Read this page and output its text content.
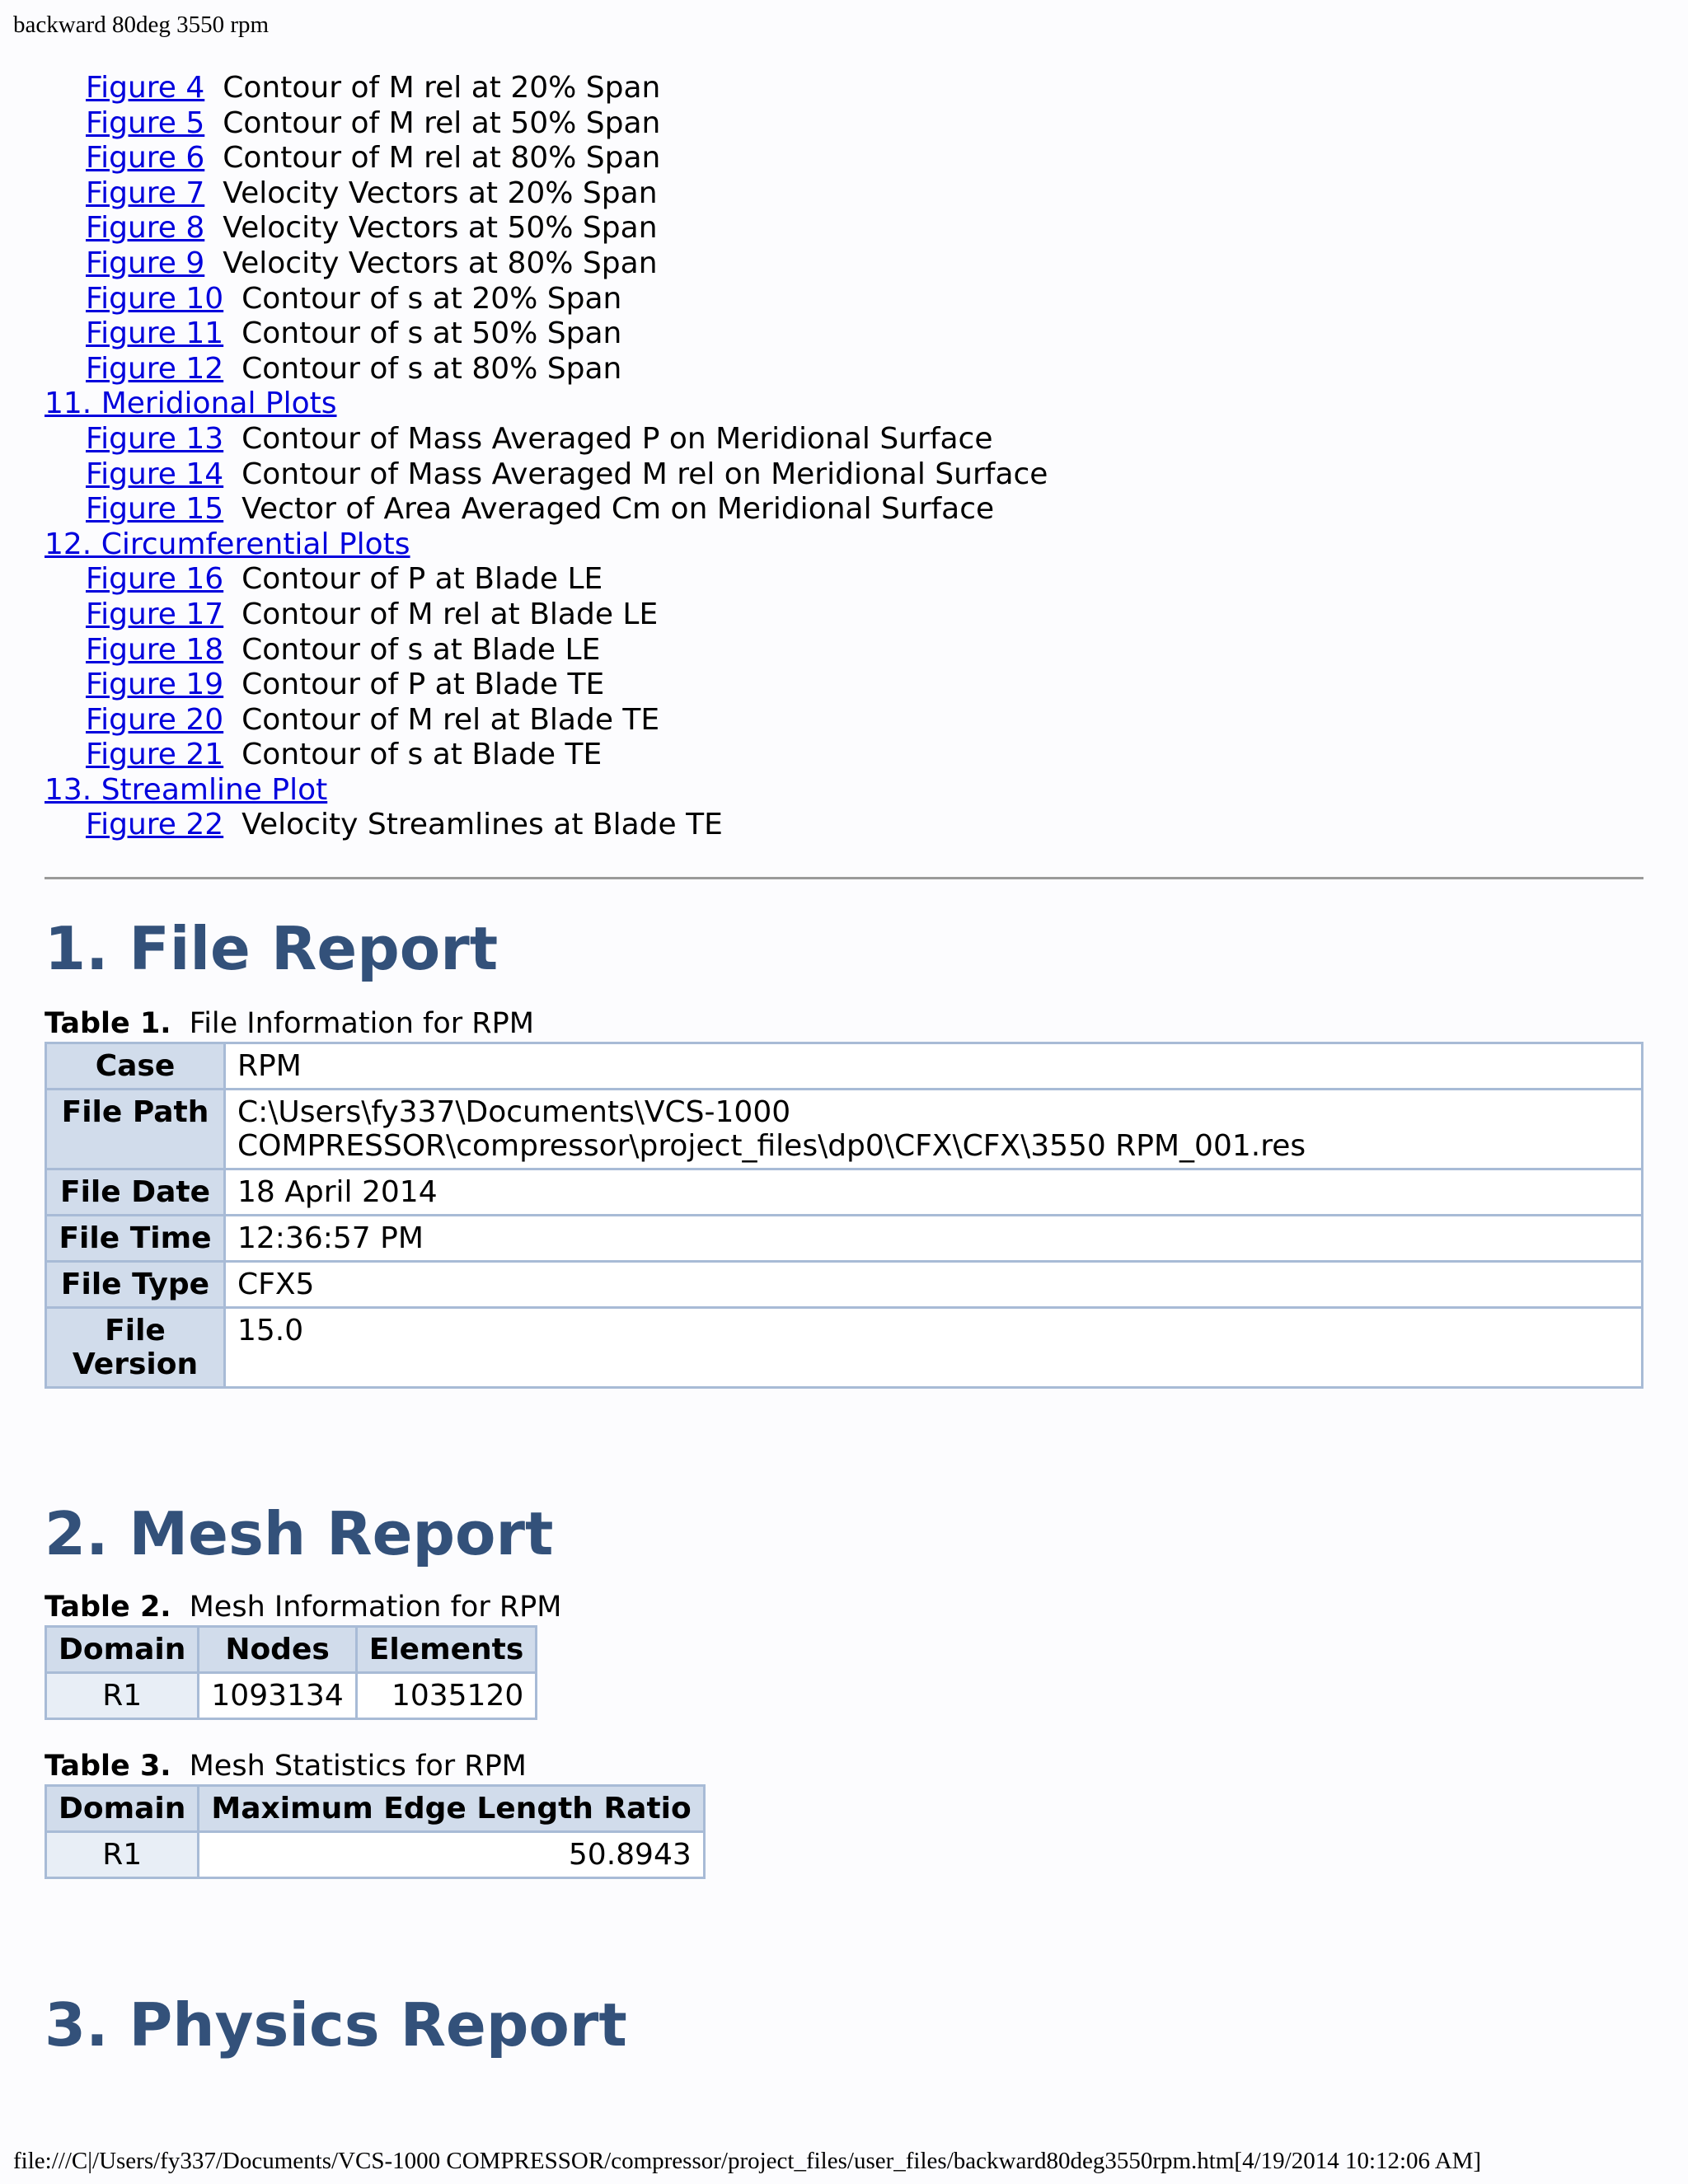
backward 80deg 3550 rpm
Figure 4 Contour of M rel at 20% Span
Figure 5 Contour of M rel at 50% Span
Figure 6 Contour of M rel at 80% Span
Figure 7 Velocity Vectors at 20% Span
Figure 8 Velocity Vectors at 50% Span
Figure 9 Velocity Vectors at 80% Span
Figure 10 Contour of s at 20% Span
Figure 11 Contour of s at 50% Span
Figure 12 Contour of s at 80% Span
11. Meridional Plots
Figure 13 Contour of Mass Averaged P on Meridional Surface
Figure 14 Contour of Mass Averaged M rel on Meridional Surface
Figure 15 Vector of Area Averaged Cm on Meridional Surface
12. Circumferential Plots
Figure 16 Contour of P at Blade LE
Figure 17 Contour of M rel at Blade LE
Figure 18 Contour of s at Blade LE
Figure 19 Contour of P at Blade TE
Figure 20 Contour of M rel at Blade TE
Figure 21 Contour of s at Blade TE
13. Streamline Plot
Figure 22 Velocity Streamlines at Blade TE
1. File Report
Table 1. File Information for RPM
Case	RPM
File Path	C:\Users\fy337\Documents\VCS-1000 COMPRESSOR\compressor\project_files\dp0\CFX\CFX\3550 RPM_001.res
File Date	18 April 2014
File Time	12:36:57 PM
File Type	CFX5
File Version	15.0
2. Mesh Report
Table 2. Mesh Information for RPM
Domain	Nodes	Elements
R1	1093134	1035120
Table 3. Mesh Statistics for RPM
Domain	Maximum Edge Length Ratio
R1	50.8943
3. Physics Report
file:///C|/Users/fy337/Documents/VCS-1000 COMPRESSOR/compressor/project_files/user_files/backward80deg3550rpm.htm[4/19/2014 10:12:06 AM]
